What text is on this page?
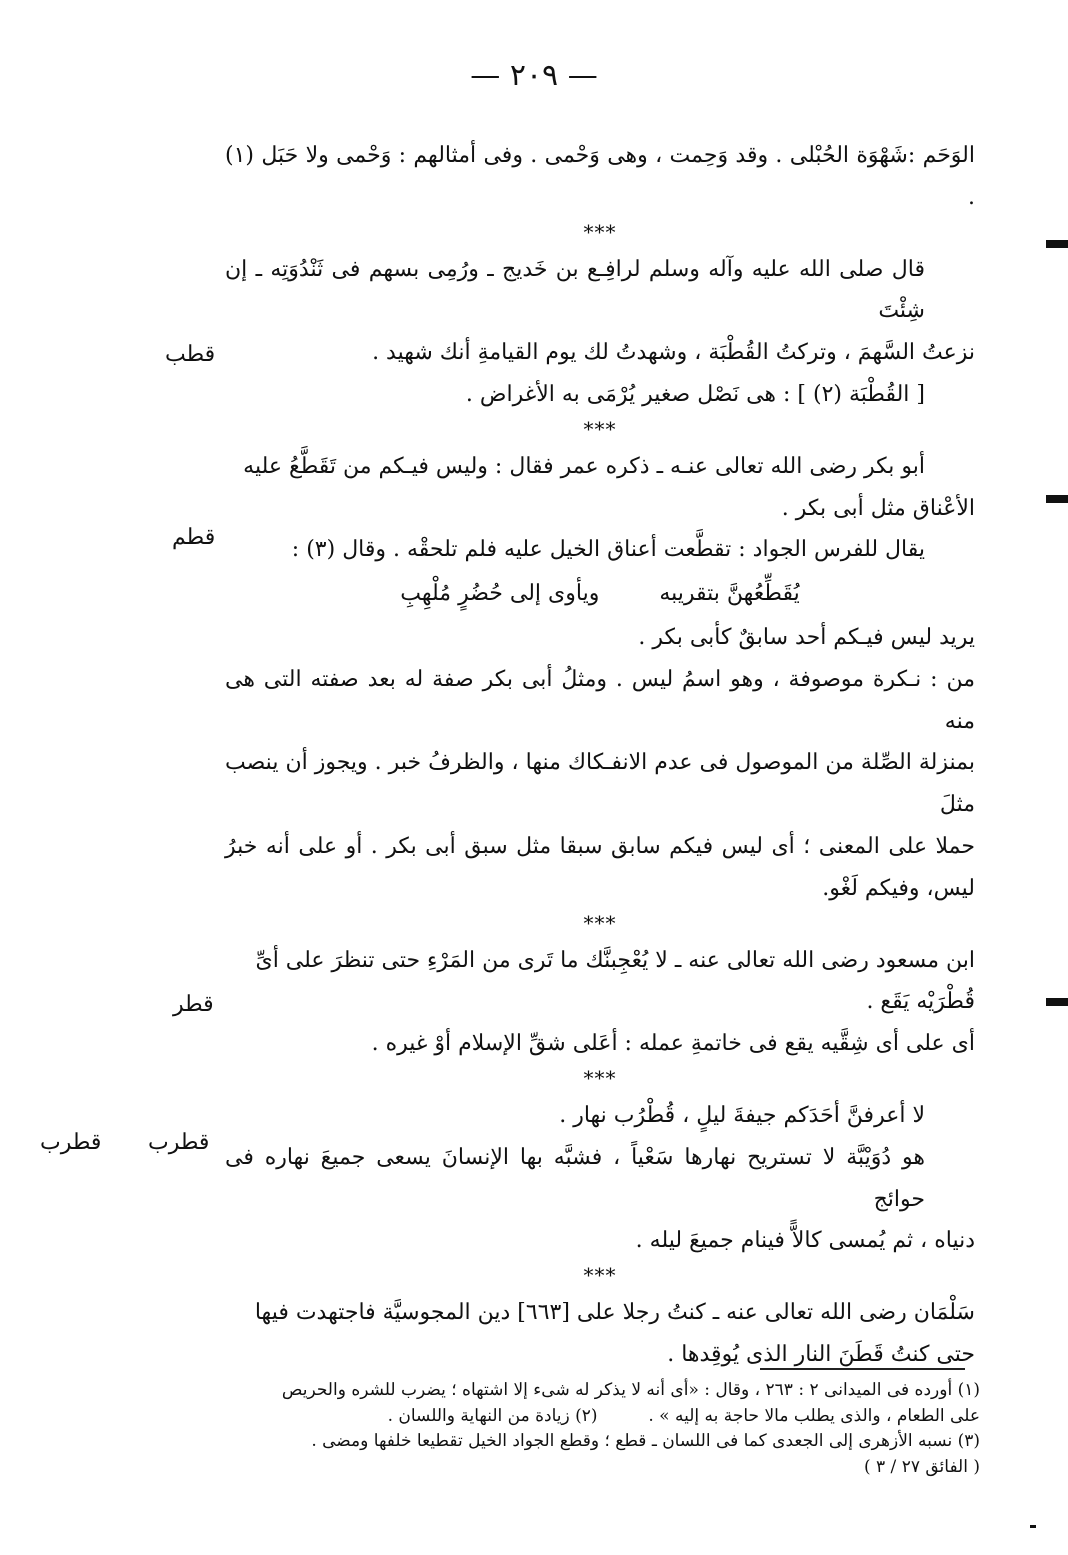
— ٢٠٩ —
قطب
قطم
قطر
قطرب
قطرب

الوَحَم :شَهْوَة الحُبْلى . وقد وَحِمت ، وهى وَحْمى . وفى أمثالهم : وَحْمى ولا حَبَل (١) .

***

قال صلى الله عليه وآله وسلم لرافِـع بن خَديج ـ ورُمِى بسهم فى ثَنْدُوَتِه ـ إن شِئْتَ

نزعتُ السَّهمَ ، وتركتُ القُطْبَة ، وشهدتُ لك يوم القيامةِ أنك شهيد .

[ القُطْبَة (٢) ] : هى نَصْل صغير يُرْمَى به الأغراض .

***

أبو بكر رضى الله تعالى عنـه ـ ذكره عمر فقال : وليس فيـكم من تَقَطَّعُ عليه

الأعْناق مثل أبى بكر .

يقال للفرس الجواد : تقطَّعت أعناق الخيل عليه فلم تلحقْه . وقال (٣) :

يُقَطِّعُهنَّ بتقريبه
ويأوى إلى حُضُرٍ مُلْهِبِ

يريد ليس فيـكم أحد سابقٌ كأبى بكر .

من : نـكرة موصوفة ، وهو اسمُ ليس . ومثلُ أبى بكر صفة له بعد صفته التى هى منه

بمنزلة الصِّلة من الموصول فى عدم الانفـكاك منها ، والظرفُ خبر . ويجوز أن ينصب مثلَ

حملا على المعنى ؛ أى ليس فيكم سابق سبقا مثل سبق أبى بكر . أو على أنه خبرُ ليس، وفيكم لَغْو.

***

ابن مسعود رضى الله تعالى عنه ـ لا يُعْجِبنَّك ما تَرى من المَرْءِ حتى تنظرَ على أىِّ

قُطْرَيْه يَقَع .

أى على أى شِقَّيه يقع فى خاتمةِ عمله : أعَلى شقِّ الإسلام أوْ غيره .

***

لا أعرفنَّ أحَدَكم جيفةَ ليلٍ ، قُطْرُب نهار .

هو دُوَيْبَّة لا تستريح نهارها سَعْياً ، فشبَّه بها الإنسانَ يسعى جميعَ نهاره فى حوائج

دنياه ، ثم يُمسى كالاًّ فينام جميعَ ليله .

***

سَلْمَان رضى الله تعالى عنه ـ كنتُ رجلا على [٦٦٣] دين المجوسيَّة فاجتهدت فيها

حتى كنتُ قَطَنَ النار الذى يُوقِدها .

(١) أورده فى الميدانى ٢ : ٢٦٣ ، وقال : «أى أنه لا يذكر له شىء إلا اشتهاه ؛ يضرب للشره والحريص

على الطعام ، والذى يطلب مالا حاجة به إليه » .  (٢) زيادة من النهاية واللسان .

(٣) نسبه الأزهرى إلى الجعدى كما فى اللسان ـ قطع ؛ وقطع الجواد الخيل تقطيعا خلفها ومضى .

( الفائق ٢٧ / ٣ )
